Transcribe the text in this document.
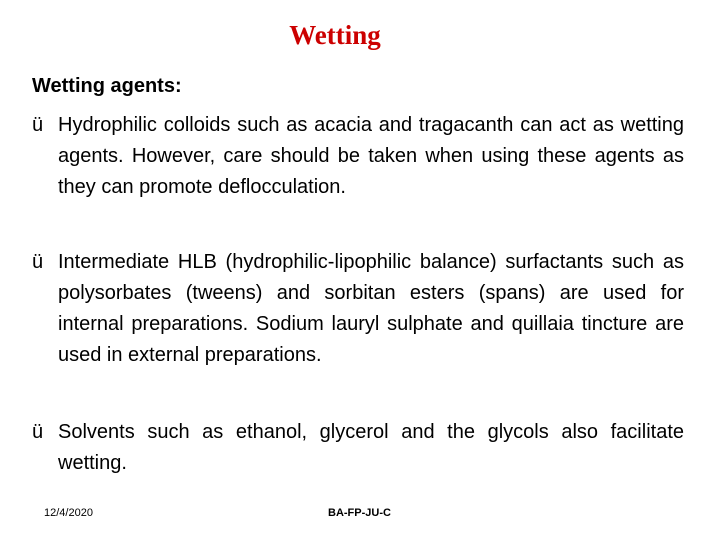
Wetting
Wetting agents:
ü Hydrophilic colloids such as acacia and tragacanth can act as wetting agents. However, care should be taken when using these agents as they can promote deflocculation.
ü Intermediate HLB (hydrophilic-lipophilic balance) surfactants such as polysorbates (tweens) and sorbitan esters (spans) are used for internal preparations. Sodium lauryl sulphate and quillaia tincture are used in external preparations.
ü Solvents such as ethanol, glycerol and the glycols also facilitate wetting.
12/4/2020	BA-FP-JU-C
